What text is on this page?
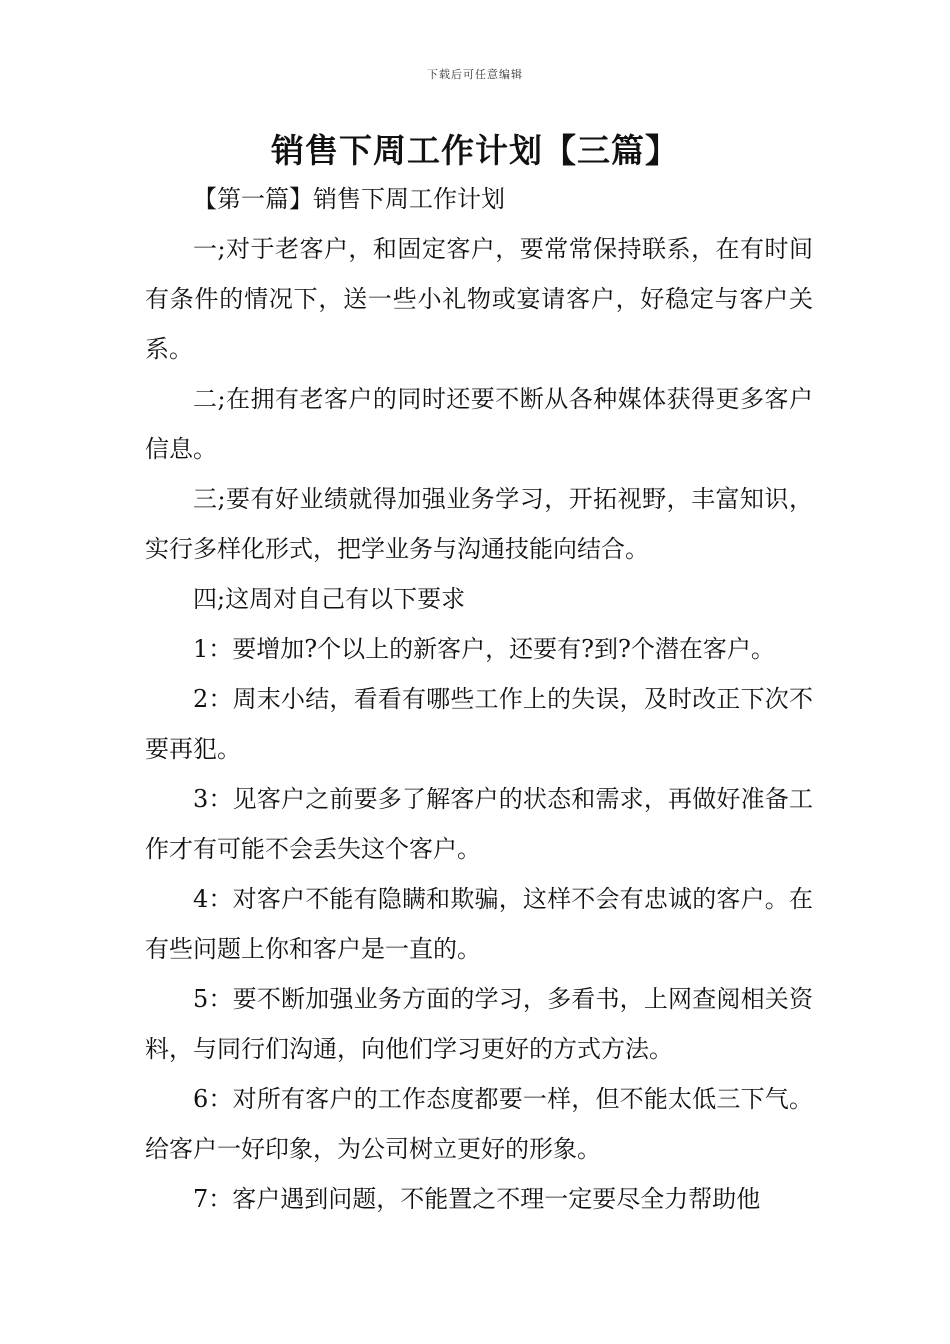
下载后可任意编辑
销售下周工作计划【三篇】

【第一篇】销售下周工作计划

一;对于老客户，和固定客户，要常常保持联系，在有时间有条件的情况下，送一些小礼物或宴请客户，好稳定与客户关系。

二;在拥有老客户的同时还要不断从各种媒体获得更多客户信息。

三;要有好业绩就得加强业务学习，开拓视野，丰富知识，实行多样化形式，把学业务与沟通技能向结合。

四;这周对自己有以下要求

1：要增加?个以上的新客户，还要有?到?个潜在客户。

2：周末小结，看看有哪些工作上的失误，及时改正下次不要再犯。

3：见客户之前要多了解客户的状态和需求，再做好准备工作才有可能不会丢失这个客户。

4：对客户不能有隐瞒和欺骗，这样不会有忠诚的客户。在有些问题上你和客户是一直的。

5：要不断加强业务方面的学习，多看书，上网查阅相关资料，与同行们沟通，向他们学习更好的方式方法。

6：对所有客户的工作态度都要一样，但不能太低三下气。给客户一好印象，为公司树立更好的形象。

7：客户遇到问题，不能置之不理一定要尽全力帮助他
